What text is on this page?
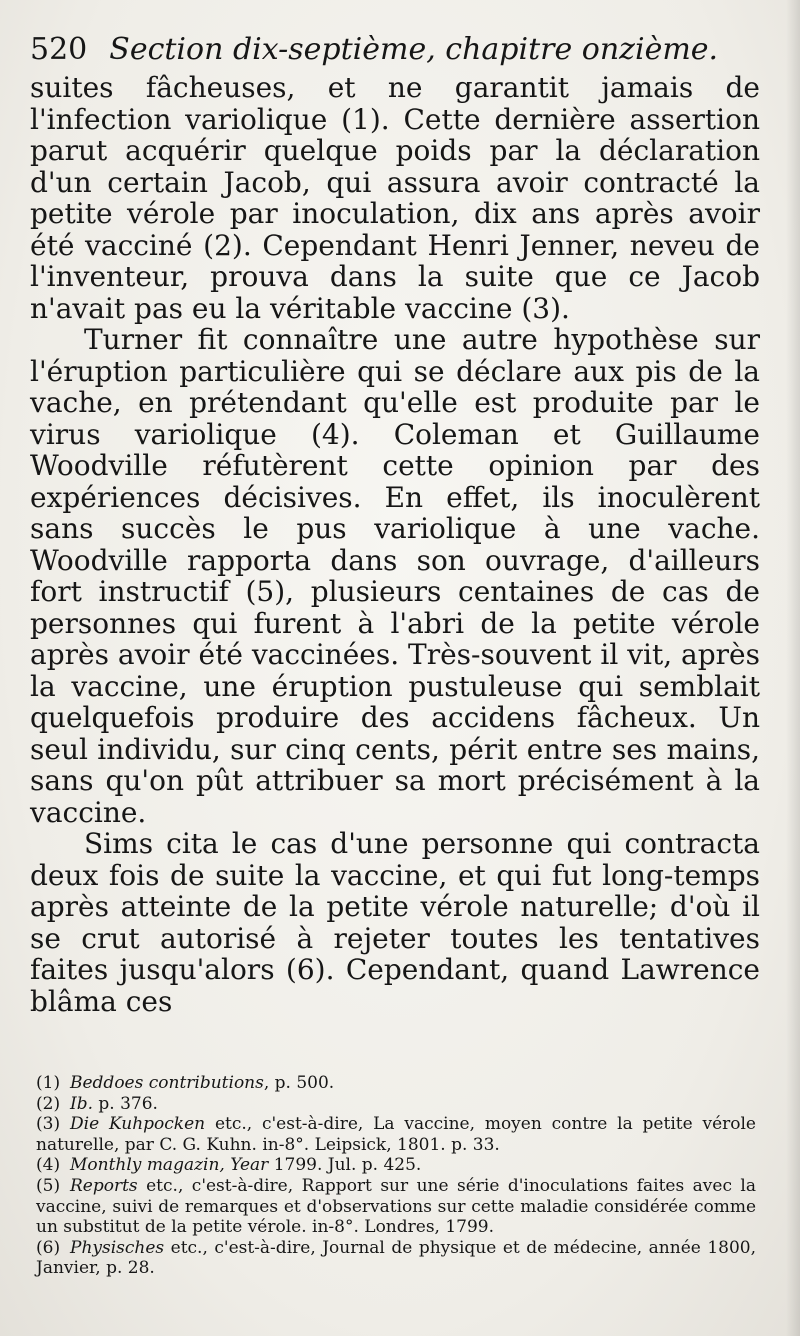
520 Section dix-septième, chapitre onzième.

suites fâcheuses, et ne garantit jamais de l'infection variolique (1). Cette dernière assertion parut acquérir quelque poids par la déclaration d'un certain Jacob, qui assura avoir contracté la petite vérole par inoculation, dix ans après avoir été vacciné (2). Cependant Henri Jenner, neveu de l'inventeur, prouva dans la suite que ce Jacob n'avait pas eu la véritable vaccine (3).

Turner fit connaître une autre hypothèse sur l'éruption particulière qui se déclare aux pis de la vache, en prétendant qu'elle est produite par le virus variolique (4). Coleman et Guillaume Woodville réfutèrent cette opinion par des expériences décisives. En effet, ils inoculèrent sans succès le pus variolique à une vache. Woodville rapporta dans son ouvrage, d'ailleurs fort instructif (5), plusieurs centaines de cas de personnes qui furent à l'abri de la petite vérole après avoir été vaccinées. Très-souvent il vit, après la vaccine, une éruption pustuleuse qui semblait quelquefois produire des accidens fâcheux. Un seul individu, sur cinq cents, périt entre ses mains, sans qu'on pût attribuer sa mort précisément à la vaccine.

Sims cita le cas d'une personne qui contracta deux fois de suite la vaccine, et qui fut long-temps après atteinte de la petite vérole naturelle; d'où il se crut autorisé à rejeter toutes les tentatives faites jusqu'alors (6). Cependant, quand Lawrence blâma ces

(1) Beddoes contributions, p. 500.

(2) Ib. p. 376.

(3) Die Kuhpocken etc., c'est-à-dire, La vaccine, moyen contre la petite vérole naturelle, par C. G. Kuhn. in-8°. Leipsick, 1801. p. 33.

(4) Monthly magazin, Year 1799. Jul. p. 425.

(5) Reports etc., c'est-à-dire, Rapport sur une série d'inoculations faites avec la vaccine, suivi de remarques et d'observations sur cette maladie considérée comme un substitut de la petite vérole. in-8°. Londres, 1799.

(6) Physisches etc., c'est-à-dire, Journal de physique et de médecine, année 1800, Janvier, p. 28.
